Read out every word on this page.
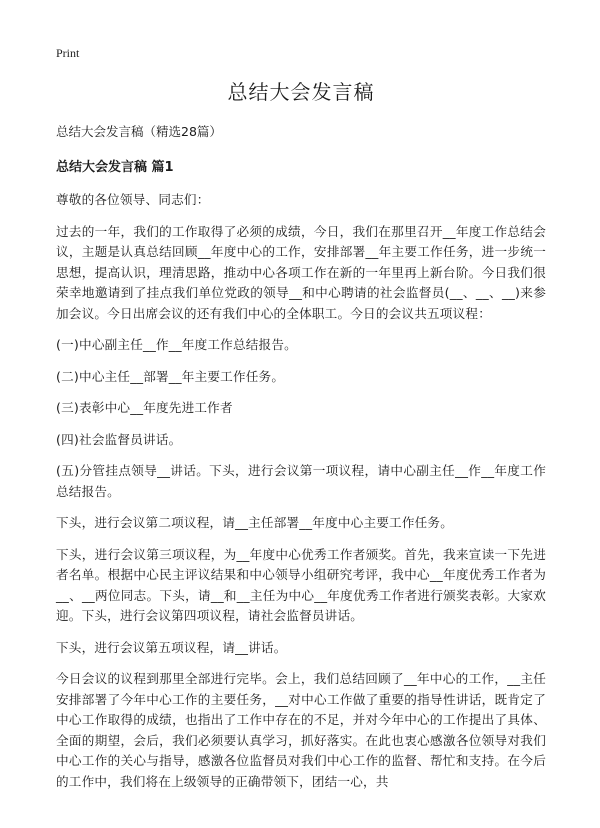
Print
总结大会发言稿

总结大会发言稿（精选28篇）

总结大会发言稿 篇1

尊敬的各位领导、同志们：

过去的一年，我们的工作取得了必须的成绩，今日，我们在那里召开__年度工作总结会议，主题是认真总结回顾__年度中心的工作，安排部署__年主要工作任务，进一步统一思想，提高认识，理清思路，推动中心各项工作在新的一年里再上新台阶。今日我们很荣幸地邀请到了挂点我们单位党政的领导__和中心聘请的社会监督员(__、__、__)来参加会议。今日出席会议的还有我们中心的全体职工。今日的会议共五项议程：

(一)中心副主任__作__年度工作总结报告。

(二)中心主任__部署__年主要工作任务。

(三)表彰中心__年度先进工作者

(四)社会监督员讲话。

(五)分管挂点领导__讲话。下头，进行会议第一项议程，请中心副主任__作__年度工作总结报告。

下头，进行会议第二项议程，请__主任部署__年度中心主要工作任务。

下头，进行会议第三项议程，为__年度中心优秀工作者颁奖。首先，我来宣读一下先进者名单。根据中心民主评议结果和中心领导小组研究考评，我中心__年度优秀工作者为__、__两位同志。下头，请__和__主任为中心__年度优秀工作者进行颁奖表彰。大家欢迎。下头，进行会议第四项议程，请社会监督员讲话。

下头，进行会议第五项议程，请__讲话。

今日会议的议程到那里全部进行完毕。会上，我们总结回顾了__年中心的工作，__主任安排部署了今年中心工作的主要任务，__对中心工作做了重要的指导性讲话，既肯定了中心工作取得的成绩，也指出了工作中存在的不足，并对今年中心的工作提出了具体、全面的期望，会后，我们必须要认真学习，抓好落实。在此也衷心感激各位领导对我们中心工作的关心与指导，感激各位监督员对我们中心工作的监督、帮忙和支持。在今后的工作中，我们将在上级领导的正确带领下，团结一心，共
